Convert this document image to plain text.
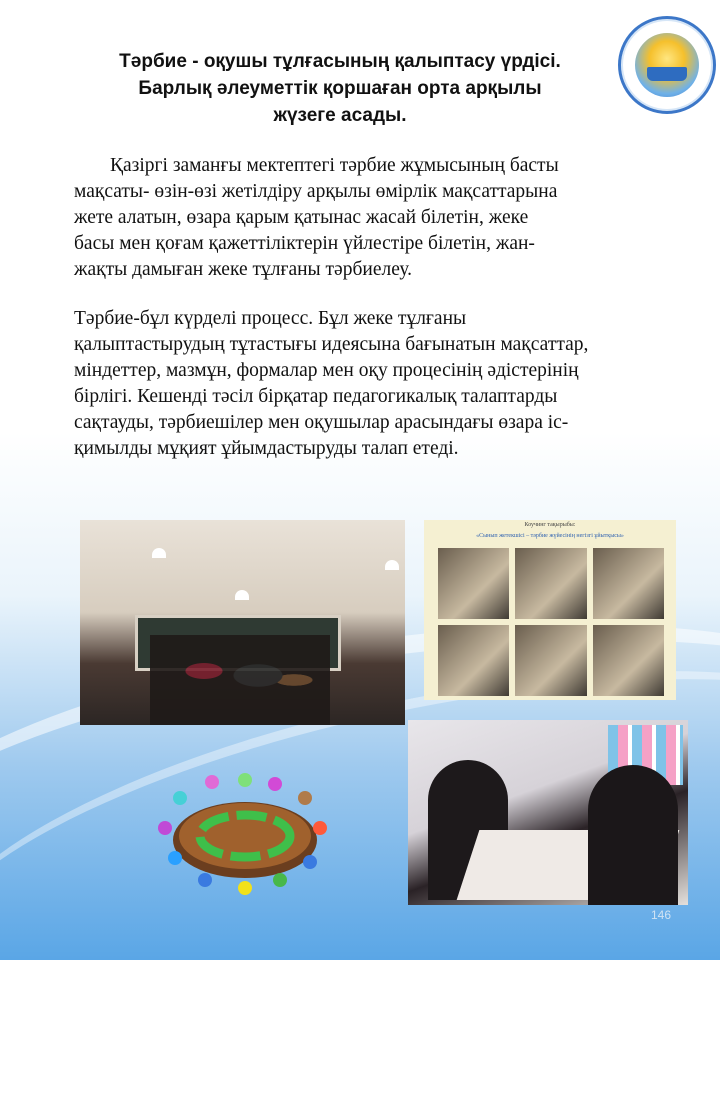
Тәрбие - оқушы тұлғасының қалыптасу үрдісі.
Барлық әлеуметтік қоршаған орта арқылы
жүзеге асады.
Қазіргі заманғы мектептегі тәрбие жұмысының басты
мақсаты- өзін-өзі жетілдіру арқылы өмірлік мақсаттарына
жете алатын, өзара қарым қатынас жасай білетін, жеке
басы мен қоғам қажеттіліктерін үйлестіре білетін, жан-
жақты дамыған жеке тұлғаны тәрбиелеу.
Тәрбие-бұл күрделі процесс. Бұл жеке тұлғаны
қалыптастырудың тұтастығы идеясына бағынатын мақсаттар,
міндеттер, мазмұн, формалар мен оқу процесінің әдістерінің
бірлігі. Кешенді тәсіл бірқатар педагогикалық талаптарды
сақтауды, тәрбиешілер мен оқушылар арасындағы өзара іс-
қимылды мұқият ұйымдастыруды талап етеді.
Коучинг тақырыбы:
«Сынып жетекшісі – тәрбие жүйесінің негізгі ұйытқысы»
146
